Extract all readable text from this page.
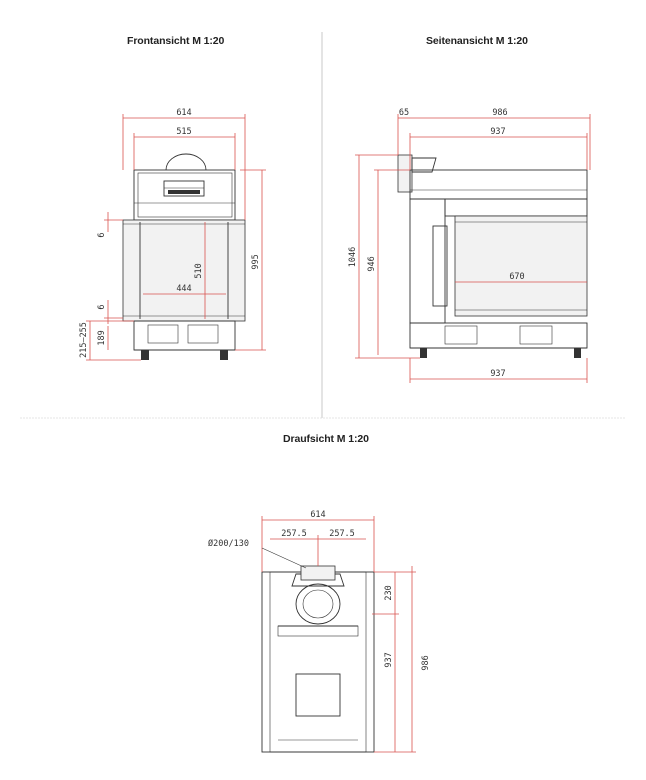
Frontansicht M 1:20	Seitenansicht M 1:20
Draufsicht M 1:20
614
515
995
510
444
6
6
215–255 189
65	986
937
1046 946
670
937
614
257.5	257.5
Ø200/130
230
937	986
